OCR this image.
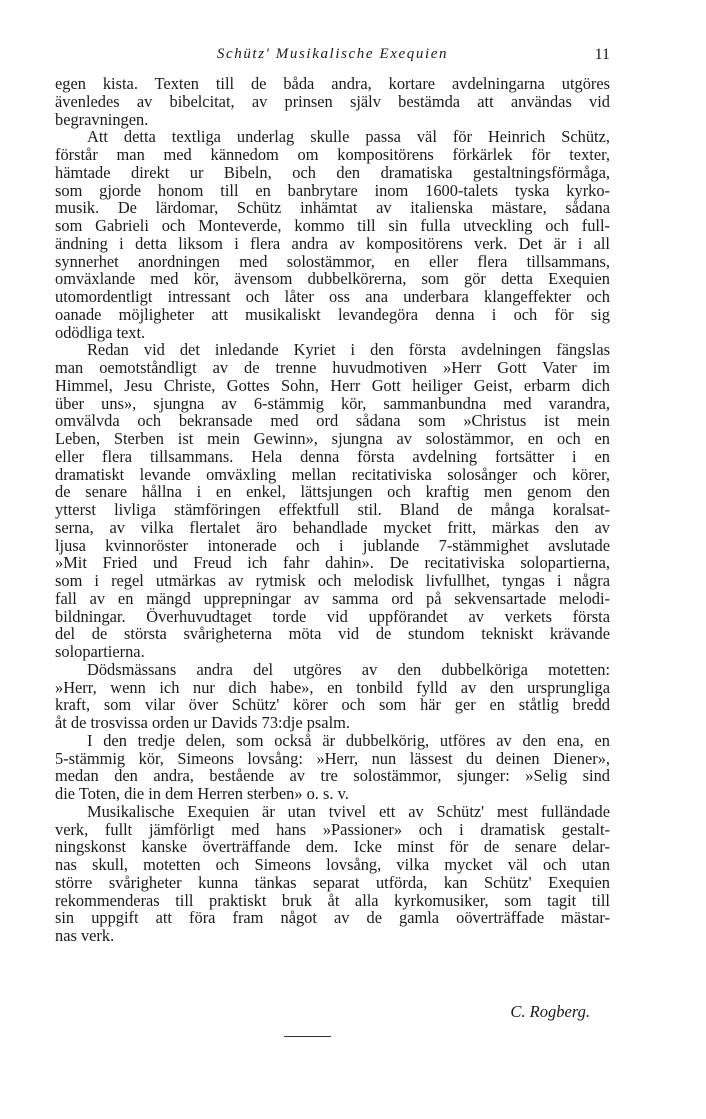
Schütz' Musikalische Exequien	11
egen kista. Texten till de båda andra, kortare avdelningarna utgöres
ävenledes av bibelcitat, av prinsen själv bestämda att användas vid
begravningen.
Att detta textliga underlag skulle passa väl för Heinrich Schütz,
förstår man med kännedom om kompositörens förkärlek för texter,
hämtade direkt ur Bibeln, och den dramatiska gestaltningsförmåga,
som gjorde honom till en banbrytare inom 1600-talets tyska kyrko-
musik. De lärdomar, Schütz inhämtat av italienska mästare, sådana
som Gabrieli och Monteverde, kommo till sin fulla utveckling och full-
ändning i detta liksom i flera andra av kompositörens verk. Det är i all
synnerhet anordningen med solostämmor, en eller flera tillsammans,
omväxlande med kör, ävensom dubbelkörerna, som gör detta Exequien
utomordentligt intressant och låter oss ana underbara klangeffekter och
oanade möjligheter att musikaliskt levandegöra denna i och för sig
odödliga text.
Redan vid det inledande Kyriet i den första avdelningen fängslas
man oemotståndligt av de trenne huvudmotiven »Herr Gott Vater im
Himmel, Jesu Christe, Gottes Sohn, Herr Gott heiliger Geist, erbarm dich
über uns», sjungna av 6-stämmig kör, sammanbundna med varandra,
omvälvda och bekransade med ord sådana som »Christus ist mein
Leben, Sterben ist mein Gewinn», sjungna av solostämmor, en och en
eller flera tillsammans. Hela denna första avdelning fortsätter i en
dramatiskt levande omväxling mellan recitativiska solosånger och körer,
de senare hållna i en enkel, lättsjungen och kraftig men genom den
ytterst livliga stämföringen effektfull stil. Bland de många koralsat-
serna, av vilka flertalet äro behandlade mycket fritt, märkas den av
ljusa kvinnoröster intonerade och i jublande 7-stämmighet avslutade
»Mit Fried und Freud ich fahr dahin». De recitativiska solopartierna,
som i regel utmärkas av rytmisk och melodisk livfullhet, tyngas i några
fall av en mängd upprepningar av samma ord på sekvensartade melodi-
bildningar. Överhuvudtaget torde vid uppförandet av verkets första
del de största svårigheterna möta vid de stundom tekniskt krävande
solopartierna.
Dödsmässans andra del utgöres av den dubbelköriga motetten:
»Herr, wenn ich nur dich habe», en tonbild fylld av den ursprungliga
kraft, som vilar över Schütz' körer och som här ger en ståtlig bredd
åt de trosvissa orden ur Davids 73:dje psalm.
I den tredje delen, som också är dubbelkörig, utföres av den ena, en
5-stämmig kör, Simeons lovsång: »Herr, nun lässest du deinen Diener»,
medan den andra, bestående av tre solostämmor, sjunger: »Selig sind
die Toten, die in dem Herren sterben» o. s. v.
Musikalische Exequien är utan tvivel ett av Schütz' mest fulländade
verk, fullt jämförligt med hans »Passioner» och i dramatisk gestalt-
ningskonst kanske överträffande dem. Icke minst för de senare delar-
nas skull, motetten och Simeons lovsång, vilka mycket väl och utan
större svårigheter kunna tänkas separat utförda, kan Schütz' Exequien
rekommenderas till praktiskt bruk åt alla kyrkomusiker, som tagit till
sin uppgift att föra fram något av de gamla oöverträffade mästar-
nas verk.
C. Rogberg.
